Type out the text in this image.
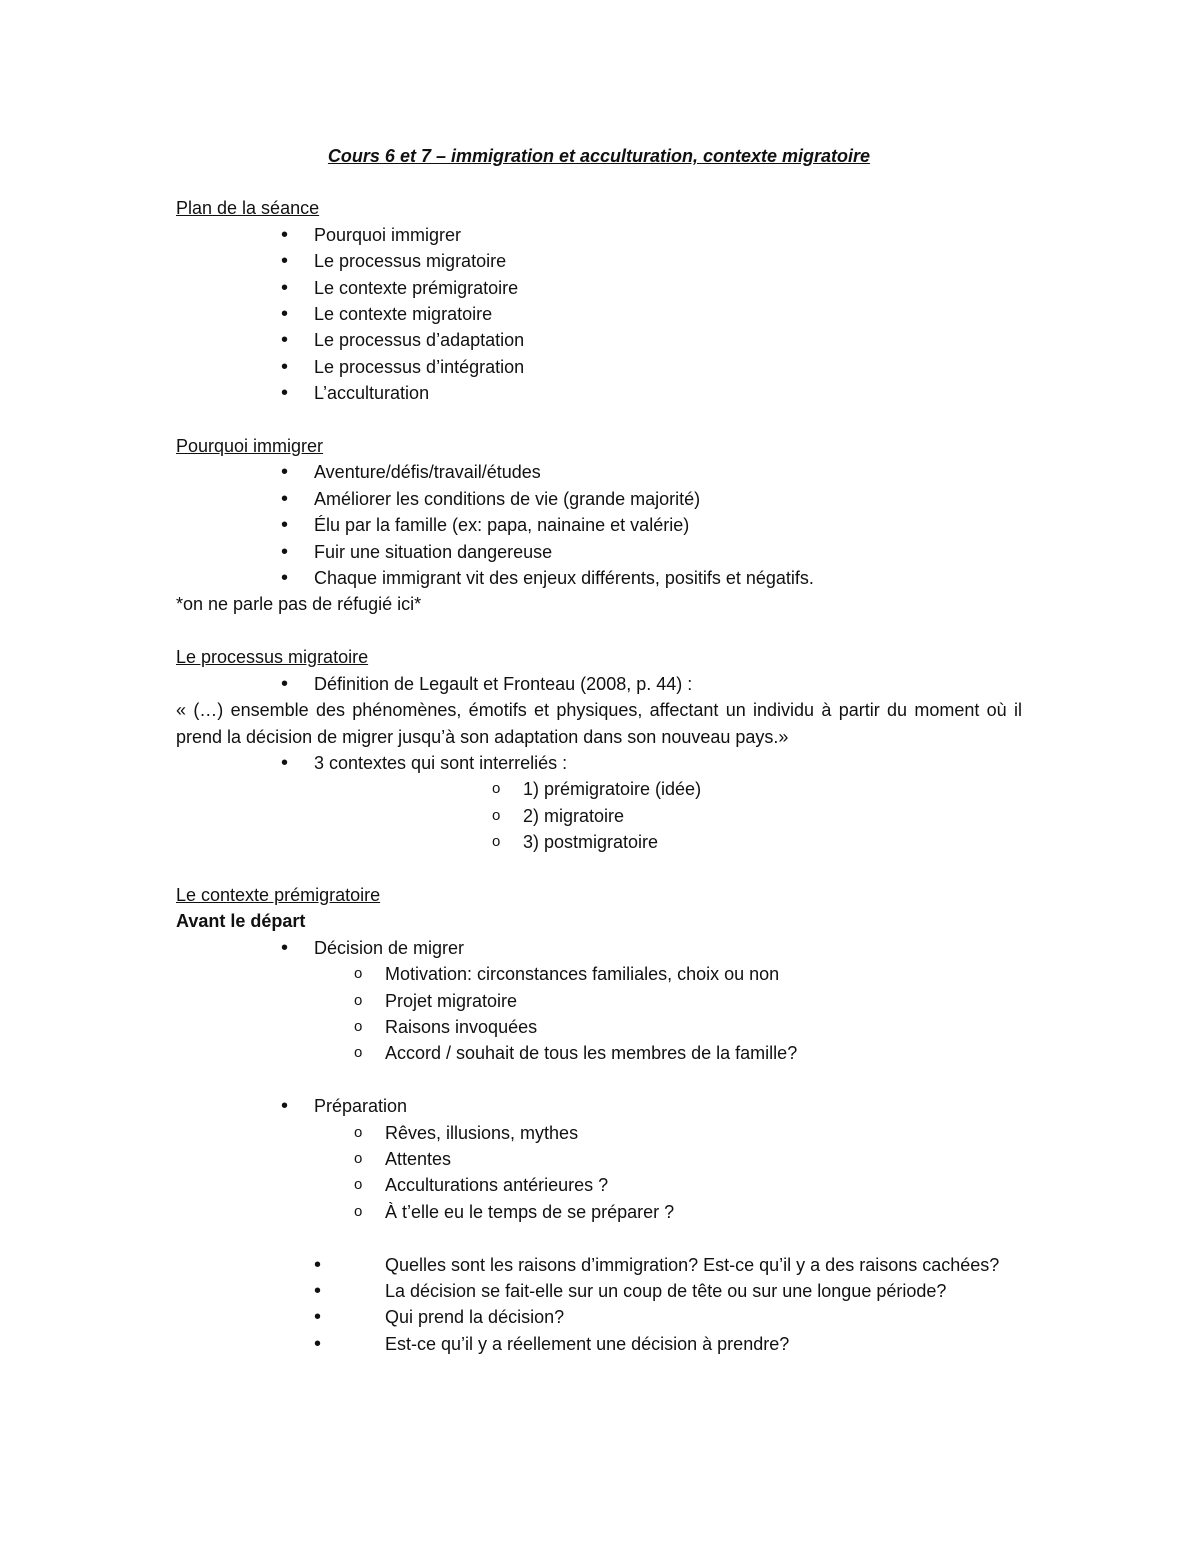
Cours 6 et 7 – immigration et acculturation, contexte migratoire

Plan de la séance

• Pourquoi immigrer
• Le processus migratoire
• Le contexte prémigratoire
• Le contexte migratoire
• Le processus d’adaptation
• Le processus d’intégration
• L’acculturation

Pourquoi immigrer

• Aventure/défis/travail/études
• Améliorer les conditions de vie (grande majorité)
• Élu par la famille (ex: papa, nainaine et valérie)
• Fuir une situation dangereuse
• Chaque immigrant vit des enjeux différents, positifs et négatifs.

*on ne parle pas de réfugié ici*

Le processus migratoire

• Définition de Legault et Fronteau (2008, p. 44) :

« (…) ensemble des phénomènes, émotifs et physiques, affectant un individu à partir du moment où il prend la décision de migrer jusqu’à son adaptation dans son nouveau pays.»

• 3 contextes qui sont interreliés :
o 1) prémigratoire (idée)
o 2) migratoire
o 3) postmigratoire

Le contexte prémigratoire

Avant le départ

• Décision de migrer
o Motivation: circonstances familiales, choix ou non
o Projet migratoire
o Raisons invoquées
o Accord / souhait de tous les membres de la famille?
• Préparation
o Rêves, illusions, mythes
o Attentes
o Acculturations antérieures ?
o À t’elle eu le temps de se préparer ?
• Quelles sont les raisons d’immigration? Est-ce qu’il y a des raisons cachées?
• La décision se fait-elle sur un coup de tête ou sur une longue période?
• Qui prend la décision?
• Est-ce qu’il y a réellement une décision à prendre?
